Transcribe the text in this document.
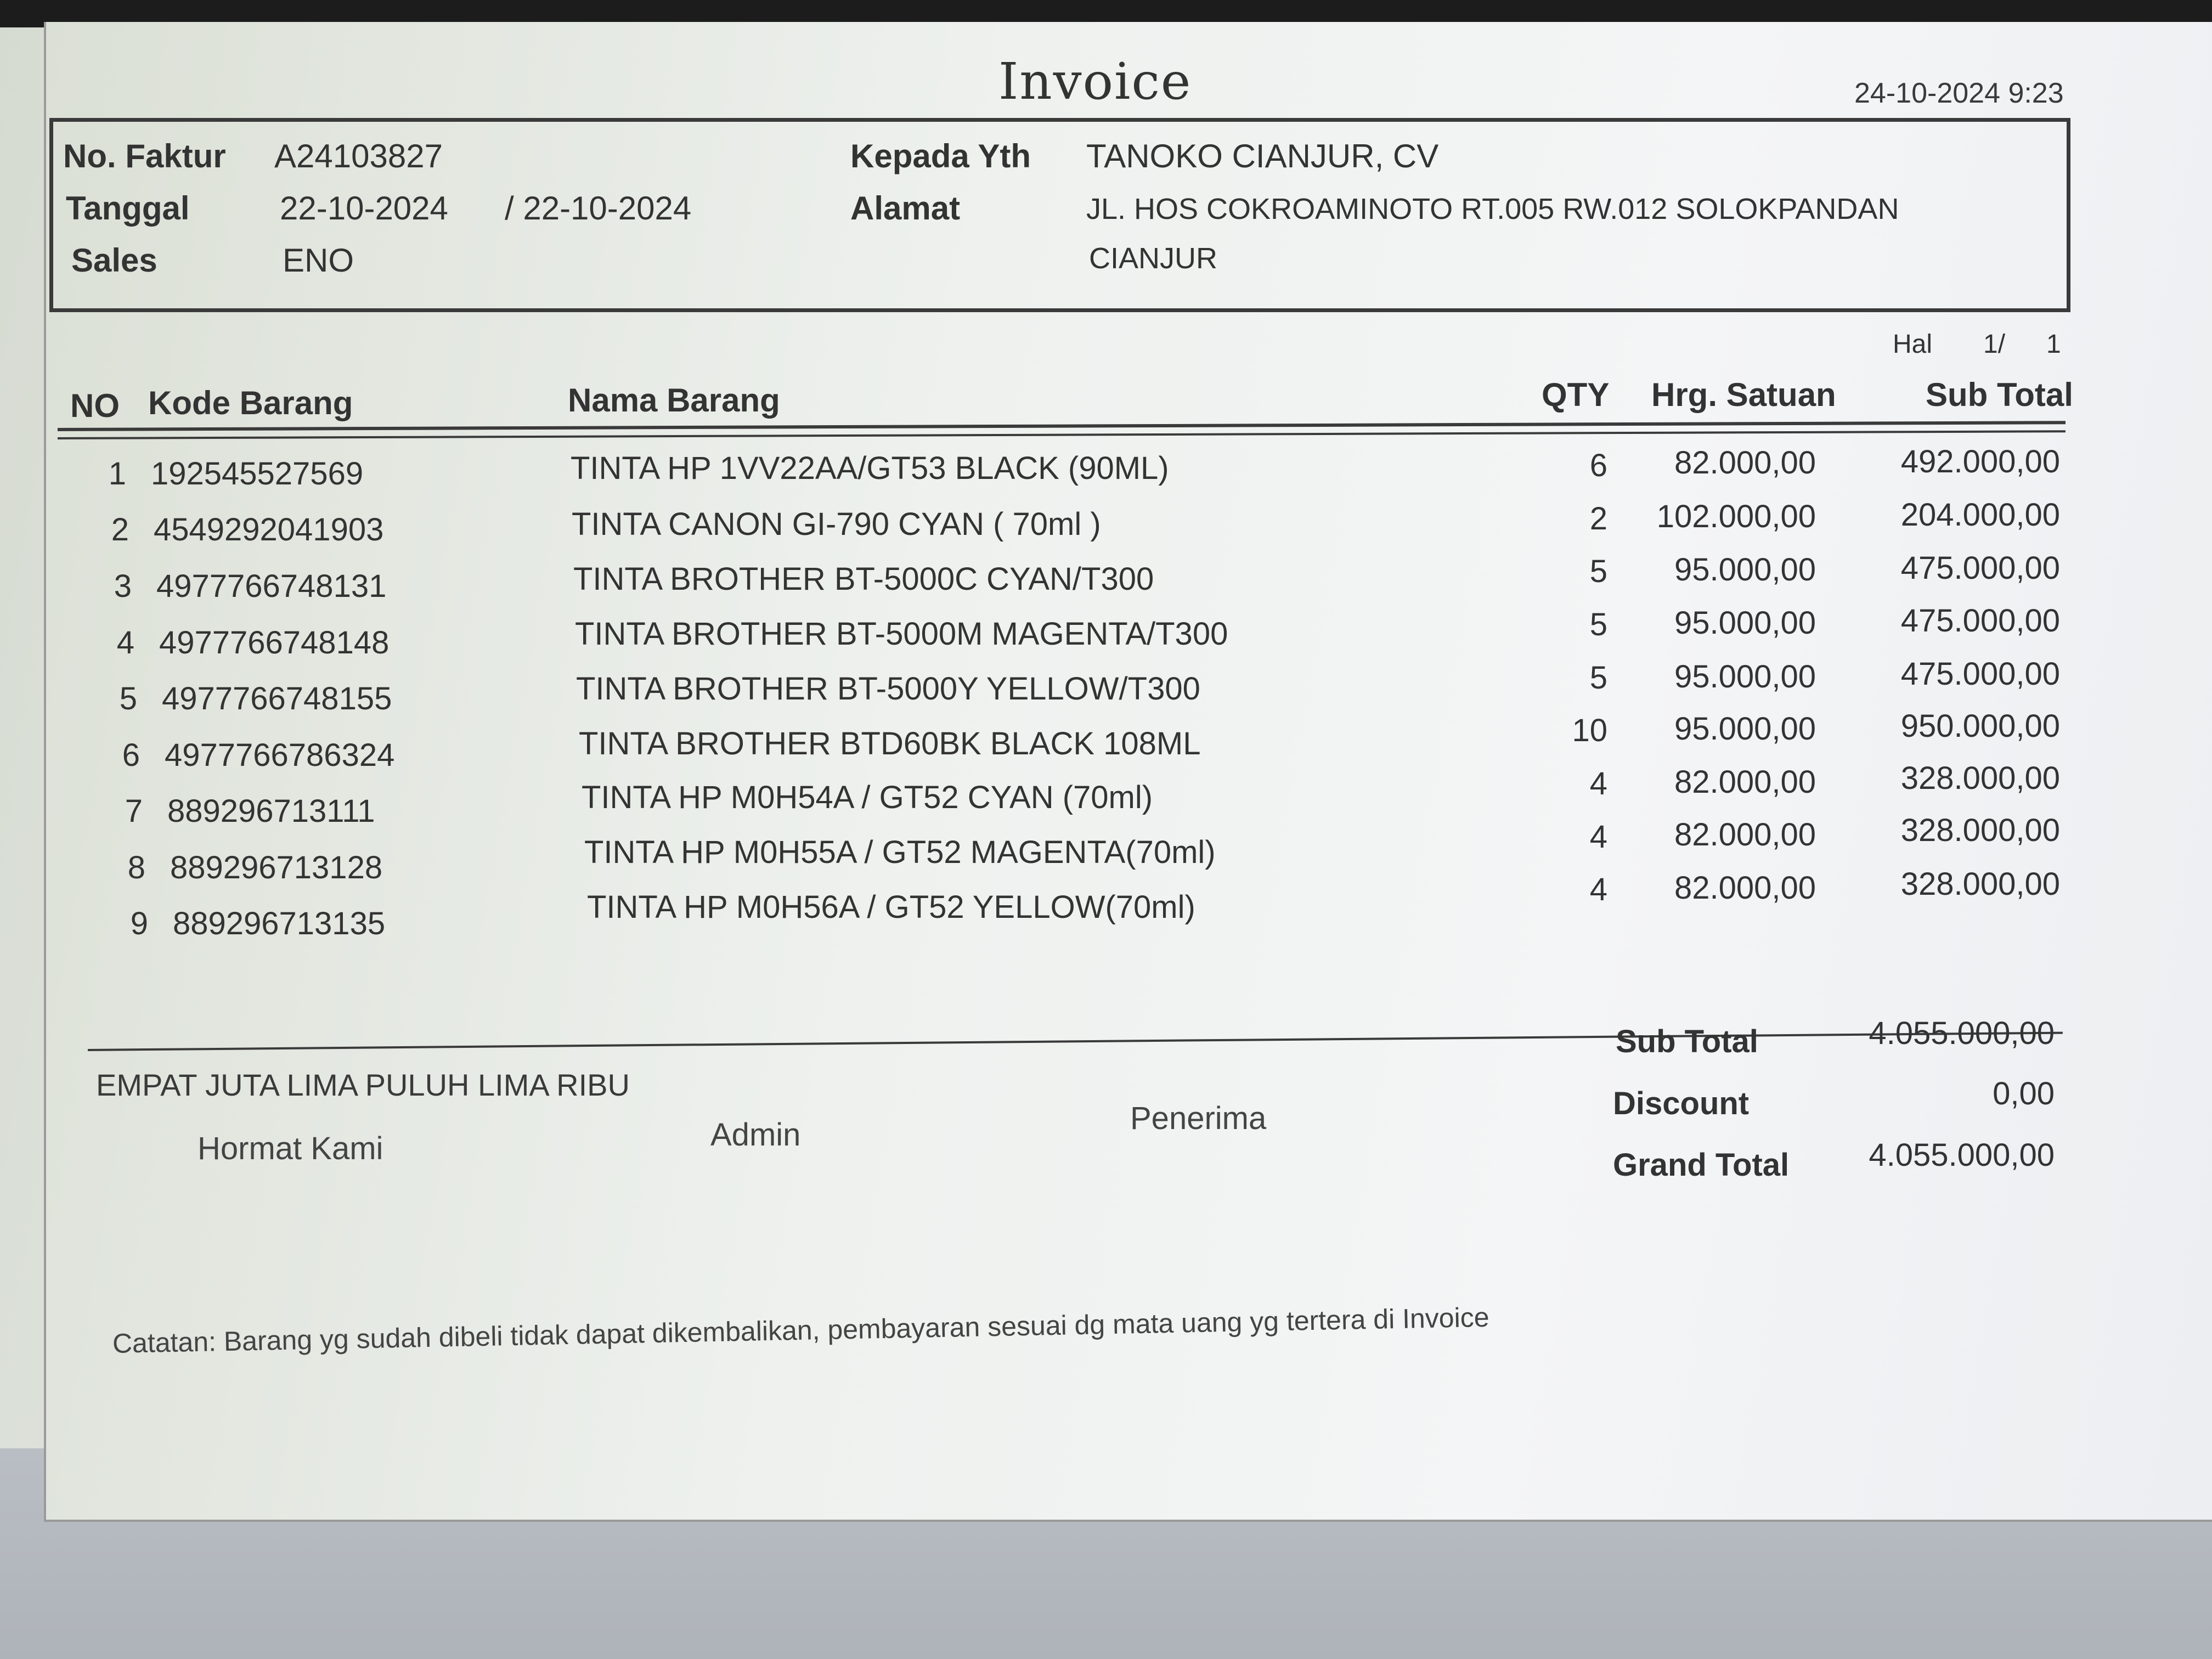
Invoice	24-10-2024 9:23
No. Faktur A24103827
Tanggal	22-10-2024 / 22-10-2024
Sales	ENO
Kepada Yth TANOKO CIANJUR, CV
Alamat	JL. HOS COKROAMINOTO RT.005 RW.012 SOLOKPANDAN
CIANJUR
Hal 1/ 1
NO Kode Barang	Nama Barang	QTY Hrg. Satuan	Sub Total
1 192545527569	TINTA HP 1VV22AA/GT53 BLACK (90ML)	6	82.000,00	492.000,00
2 4549292041903	TINTA CANON GI-790 CYAN ( 70ml )	2	102.000,00	204.000,00
3 4977766748131	TINTA BROTHER BT-5000C CYAN/T300	5	95.000,00	475.000,00
4 4977766748148	TINTA BROTHER BT-5000M MAGENTA/T300	5	95.000,00	475.000,00
5 4977766748155	TINTA BROTHER BT-5000Y YELLOW/T300	5	95.000,00	475.000,00
6 4977766786324	TINTA BROTHER BTD60BK BLACK 108ML	10	95.000,00	950.000,00
7 889296713111	TINTA HP M0H54A / GT52 CYAN (70ml)	4	82.000,00	328.000,00
8 889296713128	TINTA HP M0H55A / GT52 MAGENTA(70ml)	4	82.000,00	328.000,00
9 889296713135	TINTA HP M0H56A / GT52 YELLOW(70ml)	4	82.000,00	328.000,00
EMPAT JUTA LIMA PULUH LIMA RIBU
Hormat Kami	Admin	Penerima
Sub Total	4.055.000,00
Discount	0,00
Grand Total	4.055.000,00
Catatan: Barang yg sudah dibeli tidak dapat dikembalikan, pembayaran sesuai dg mata uang yg tertera di Invoice
